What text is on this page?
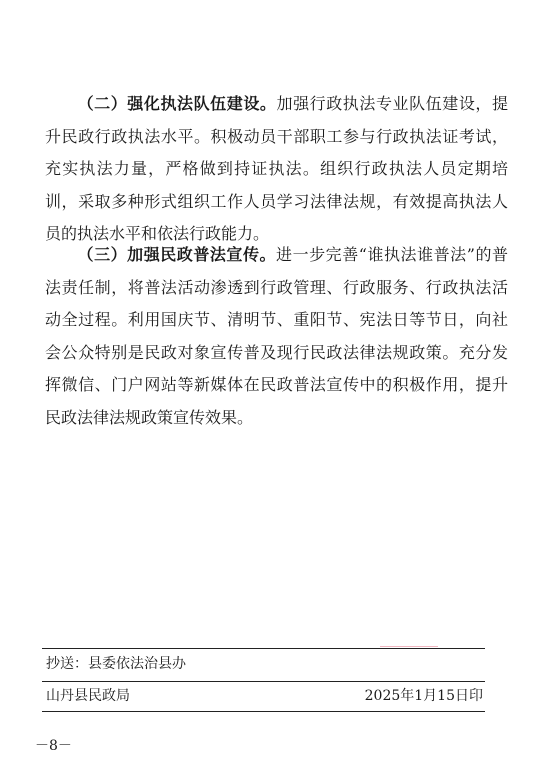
（二）强化执法队伍建设。加强行政执法专业队伍建设，提升民政行政执法水平。积极动员干部职工参与行政执法证考试，充实执法力量，严格做到持证执法。组织行政执法人员定期培训，采取多种形式组织工作人员学习法律法规，有效提高执法人员的执法水平和依法行政能力。
（三）加强民政普法宣传。进一步完善“谁执法谁普法”的普法责任制，将普法活动渗透到行政管理、行政服务、行政执法活动全过程。利用国庆节、清明节、重阳节、宪法日等节日，向社会公众特别是民政对象宣传普及现行民政法律法规政策。充分发挥微信、门户网站等新媒体在民政普法宣传中的积极作用，提升民政法律法规政策宣传效果。
抄送：县委依法治县办
山丹县民政局	2025年1月15日印
－8－
